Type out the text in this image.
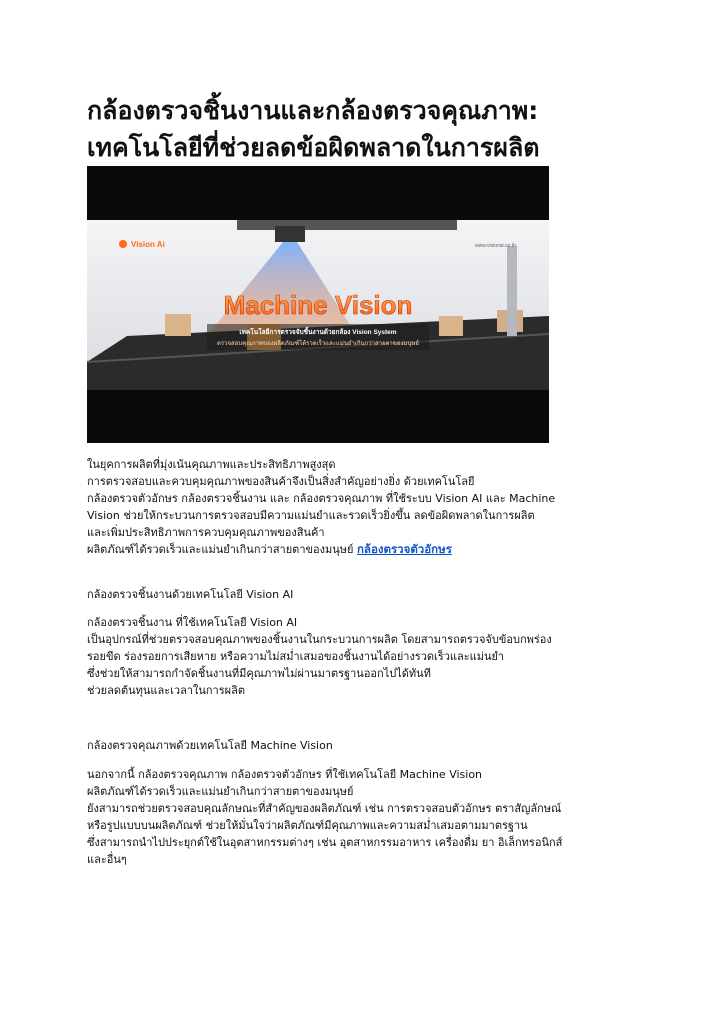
กล้องตรวจชิ้นงานและกล้องตรวจคุณภาพ:
เทคโนโลยีที่ช่วยลดข้อผิดพลาดในการผลิต
Vision Ai	www.visionai.co.th
Machine Vision
เทคโนโลยีการตรวจจับชิ้นงานด้วยกล้อง Vision System
ตรวจสอบคุณภาพของผลิตภัณฑ์ได้รวดเร็วและแม่นยำเกินกว่าสายตาของมนุษย์
ในยุคการผลิตที่มุ่งเน้นคุณภาพและประสิทธิภาพสูงสุด
การตรวจสอบและควบคุมคุณภาพของสินค้าจึงเป็นสิ่งสำคัญอย่างยิ่ง ด้วยเทคโนโลยี
กล้องตรวจตัวอักษร กล้องตรวจชิ้นงาน และ กล้องตรวจคุณภาพ ที่ใช้ระบบ Vision AI และ Machine
Vision ช่วยให้กระบวนการตรวจสอบมีความแม่นยำและรวดเร็วยิ่งขึ้น ลดข้อผิดพลาดในการผลิต
และเพิ่มประสิทธิภาพการควบคุมคุณภาพของสินค้า
ผลิตภัณฑ์ได้รวดเร็วและแม่นยำเกินกว่าสายตาของมนุษย์ กล้องตรวจตัวอักษร
กล้องตรวจชิ้นงานด้วยเทคโนโลยี Vision AI
กล้องตรวจชิ้นงาน ที่ใช้เทคโนโลยี Vision AI
เป็นอุปกรณ์ที่ช่วยตรวจสอบคุณภาพของชิ้นงานในกระบวนการผลิต โดยสามารถตรวจจับข้อบกพร่อง
รอยขีด ร่องรอยการเสียหาย หรือความไม่สม่ำเสมอของชิ้นงานได้อย่างรวดเร็วและแม่นยำ
ซึ่งช่วยให้สามารถกำจัดชิ้นงานที่มีคุณภาพไม่ผ่านมาตรฐานออกไปได้ทันที
ช่วยลดต้นทุนและเวลาในการผลิต
กล้องตรวจคุณภาพด้วยเทคโนโลยี Machine Vision
นอกจากนี้ กล้องตรวจคุณภาพ กล้องตรวจตัวอักษร ที่ใช้เทคโนโลยี Machine Vision
ผลิตภัณฑ์ได้รวดเร็วและแม่นยำเกินกว่าสายตาของมนุษย์
ยังสามารถช่วยตรวจสอบคุณลักษณะที่สำคัญของผลิตภัณฑ์ เช่น การตรวจสอบตัวอักษร ตราสัญลักษณ์
หรือรูปแบบบนผลิตภัณฑ์ ช่วยให้มั่นใจว่าผลิตภัณฑ์มีคุณภาพและความสม่ำเสมอตามมาตรฐาน
ซึ่งสามารถนำไปประยุกต์ใช้ในอุตสาหกรรมต่างๆ เช่น อุตสาหกรรมอาหาร เครื่องดื่ม ยา อิเล็กทรอนิกส์
และอื่นๆ
